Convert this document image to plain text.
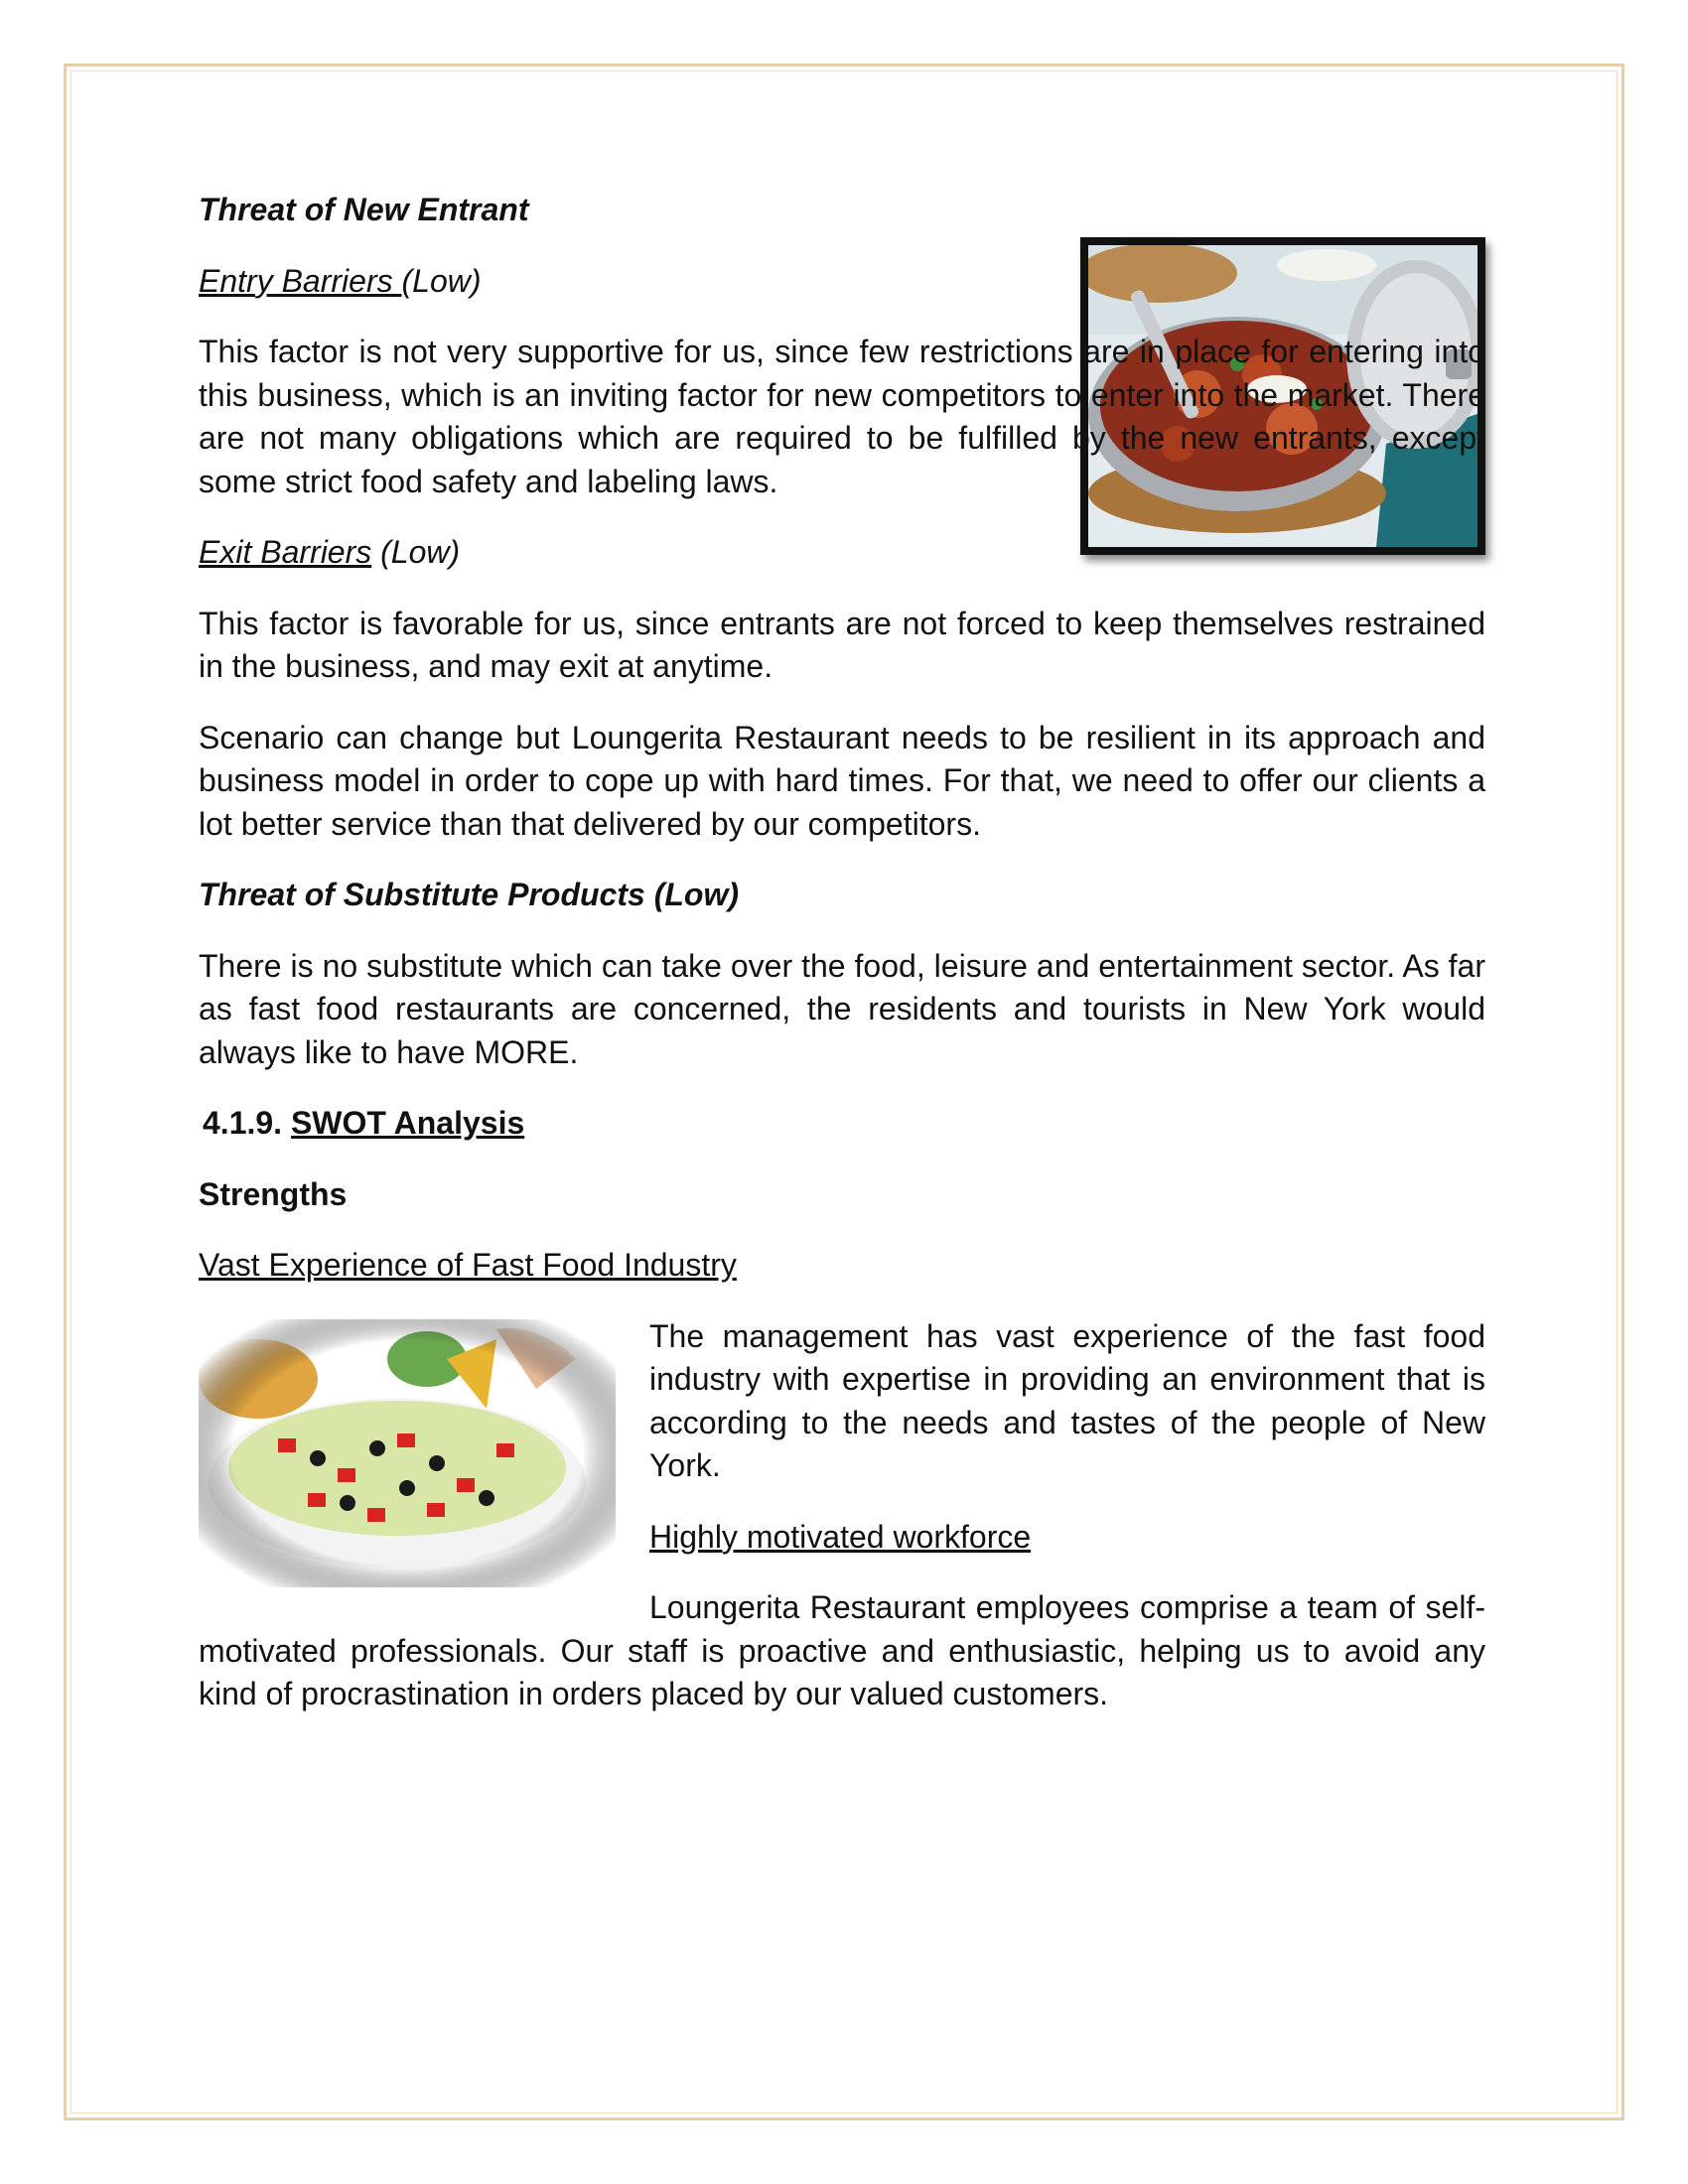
Threat of New Entrant

Entry Barriers (Low)

This factor is not very supportive for us, since few restrictions are in place for entering into this business, which is an inviting factor for new competitors to enter into the market. There are not many obligations which are required to be fulfilled by the new entrants, except some strict food safety and labeling laws.

Exit Barriers (Low)

This factor is favorable for us, since entrants are not forced to keep themselves restrained in the business, and may exit at anytime.

Scenario can change but Loungerita Restaurant needs to be resilient in its approach and business model in order to cope up with hard times. For that, we need to offer our clients a lot better service than that delivered by our competitors.

Threat of Substitute Products (Low)

There is no substitute which can take over the food, leisure and entertainment sector. As far as fast food restaurants are concerned, the residents and tourists in New York would always like to have MORE.

4.1.9. SWOT Analysis

Strengths

Vast Experience of Fast Food Industry

The management has vast experience of the fast food industry with expertise in providing an environment that is according to the needs and tastes of the people of New York.

Highly motivated workforce

Loungerita Restaurant employees comprise a team of self-motivated professionals. Our staff is proactive and enthusiastic, helping us to avoid any kind of procrastination in orders placed by our valued customers.
